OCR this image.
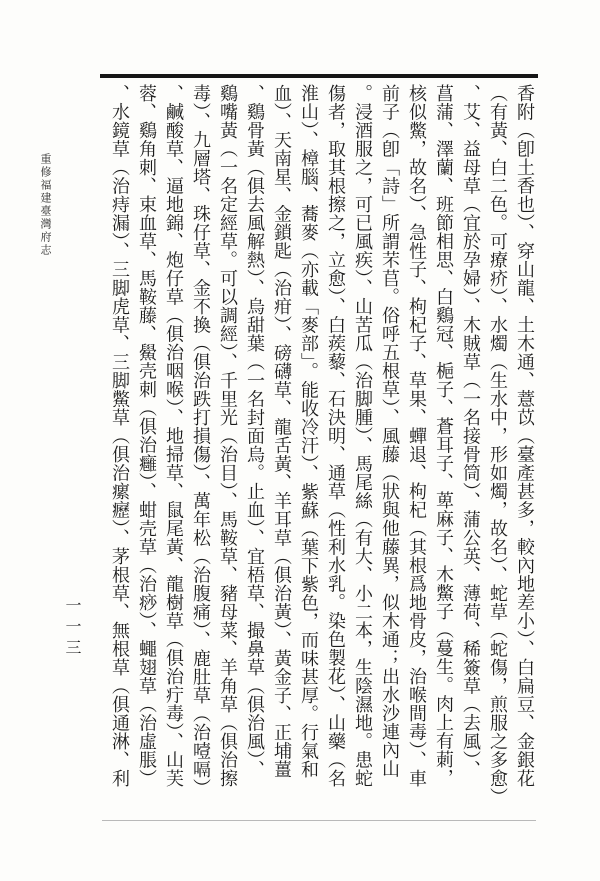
重修福建臺灣府志
一一三	香附（卽土香也）、穿山龍、土木通、薏苡（臺產甚多，較內地差小）、白扁豆、金銀花
（有黃、白二色。可療疥）、水燭（生水中，形如燭，故名）、蛇草（蛇傷，煎服之多愈）
、艾、益母草（宜於孕婦）、木賊草（一名接骨筒）、蒲公英、薄荷、稀簽草（去風）、
菖蒲、澤蘭、班節相思、白鷄冠、梔子、蒼耳子、萆麻子、木鱉子（蔓生。肉上有莿，
核似鱉，故名）、急性子、枸杞子、草果、蟬退、枸杞（其根爲地骨皮，治喉間毒）、車
前子（卽「詩」所謂芣苢。俗呼五根草）、風藤（狀與他藤異，似木通；出水沙連內山
。浸酒服之，可已風疾）、山苦瓜（治脚腫）、馬尾絲（有大、小二本，生陰濕地。患蛇
傷者，取其根擦之，立愈）、白蒺藜、石決明、通草（性利水乳。染色製花）、山藥（名
淮山）、樟腦、蕎麥（亦載「麥部」。能收冷汗）、紫蘇（葉下紫色，而味甚厚。行氣和
血）、天南星、金鎖匙（治疳）、磅礴草、龍舌黃、羊耳草（俱治黃）、黃金子、正埔薑
、鷄骨黃（俱去風解熱）、烏甜葉（一名封面烏。止血）、宜梧草、撮鼻草（俱治風）、
鷄嘴黃（一名定經草。可以調經）、千里光（治目）、馬鞍草、豬母菜、羊角草（俱治擦
毒）、九層塔、珠仔草、金不換（俱治跌打損傷）、萬年松（治腹痛）、鹿肚草（治噎嗝）
、鹹酸草、逼地錦、炮仔草（俱治咽喉）、地掃草、鼠尾黃、龍樹草（俱治疔毒）、山芙
蓉、鷄角刺、束血草、馬鞍藤、鱟壳刺（俱治癰）、蚶壳草（治痧）、蠅翅草（治虛脹）
、水鏡草（治痔漏）、三脚虎草、三脚鱉草（俱治瘰癧）、茅根草、無根草（俱通淋、利
